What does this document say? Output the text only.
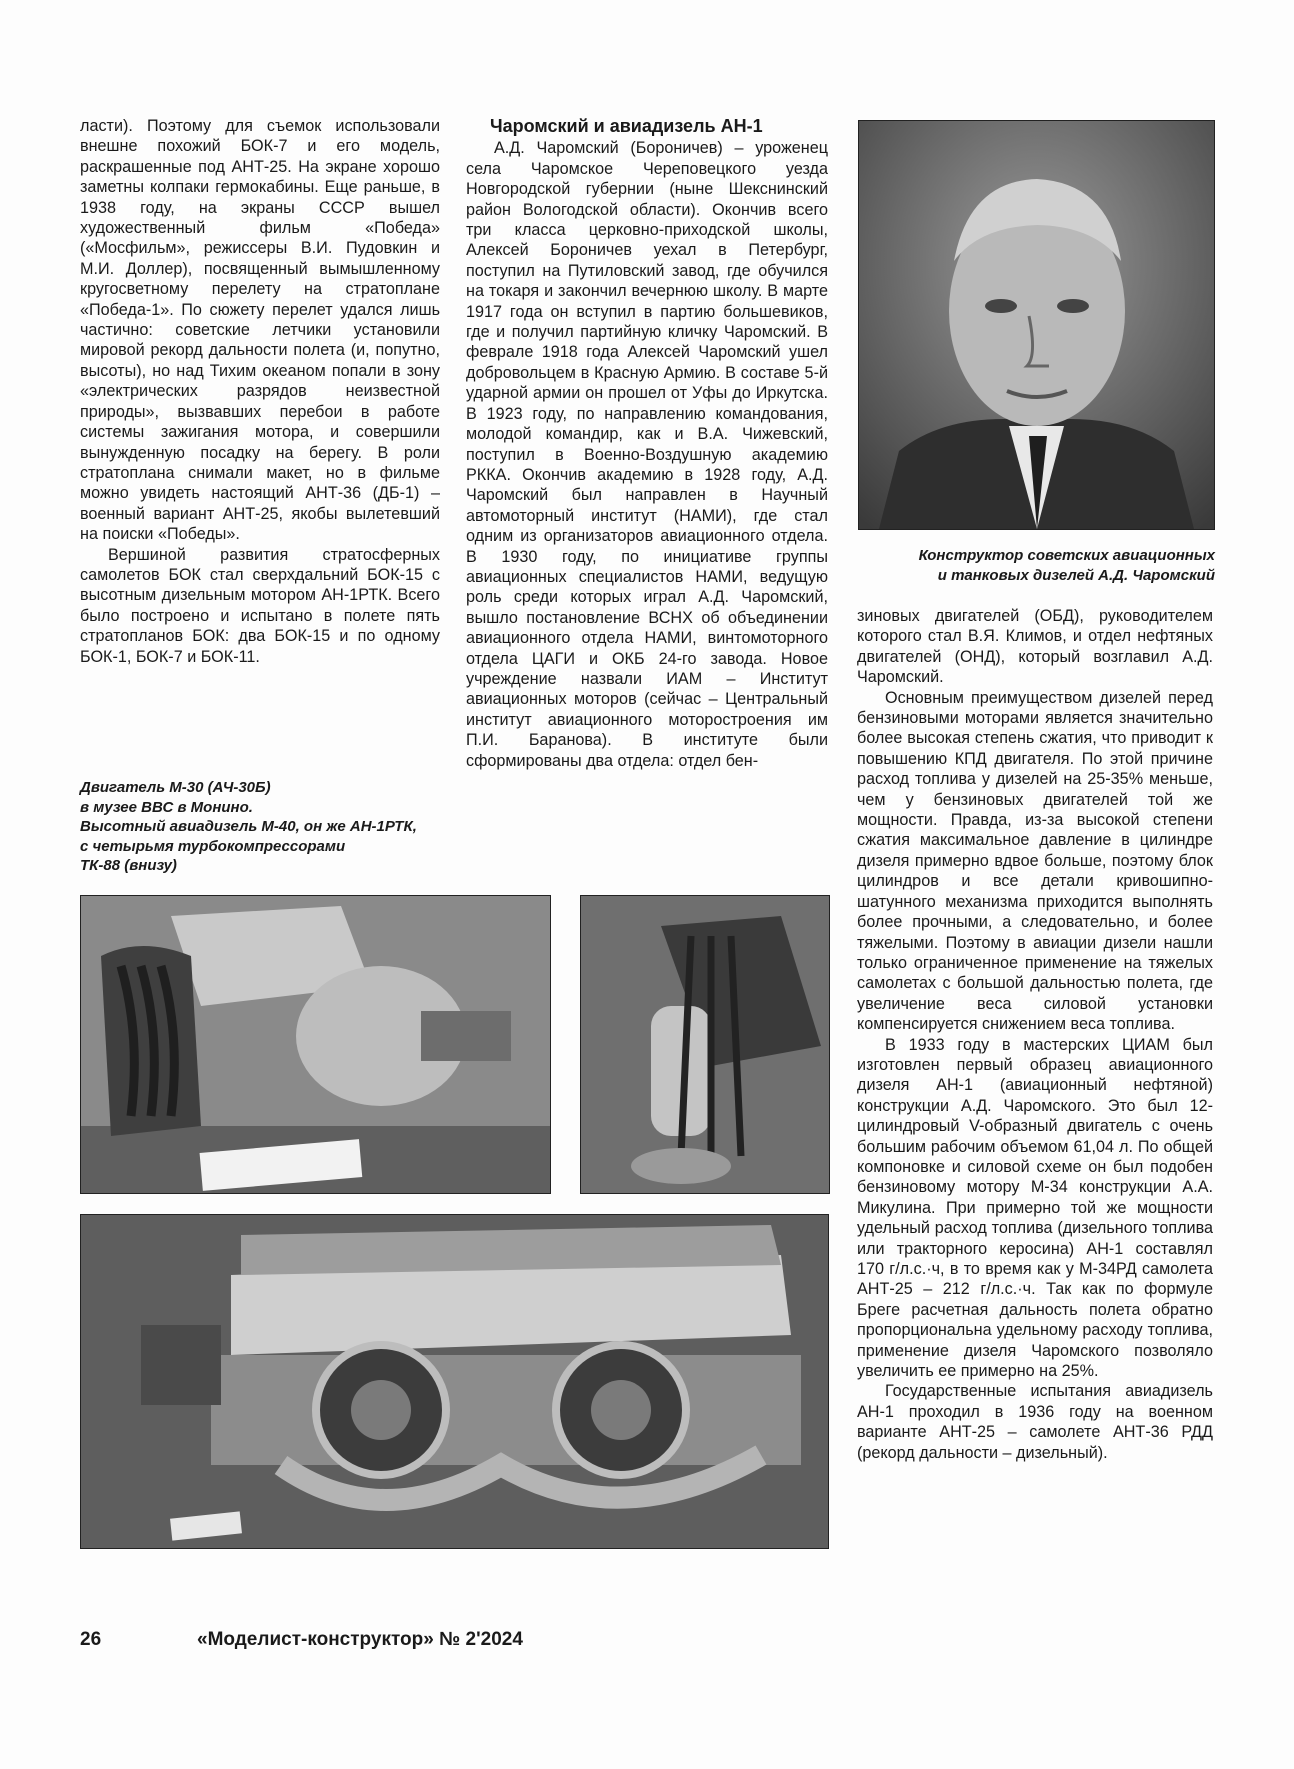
ласти). Поэтому для съемок использовали внешне похожий БОК-7 и его модель, раскрашенные под АНТ-25. На экране хорошо заметны колпаки гермокабины. Еще раньше, в 1938 году, на экраны СССР вышел художественный фильм «Победа» («Мосфильм», режиссеры В.И. Пудовкин и М.И. Доллер), посвященный вымышленному кругосветному перелету на стратоплане «Победа-1». По сюжету перелет удался лишь частично: советские летчики установили мировой рекорд дальности полета (и, попутно, высоты), но над Тихим океаном попали в зону «электрических разрядов неизвестной природы», вызвавших перебои в работе системы зажигания мотора, и совершили вынужденную посадку на берегу. В роли стратоплана снимали макет, но в фильме можно увидеть настоящий АНТ-36 (ДБ-1) – военный вариант АНТ-25, якобы вылетевший на поиски «Победы».

Вершиной развития стратосферных самолетов БОК стал сверхдальний БОК-15 с высотным дизельным мотором АН-1РТК. Всего было построено и испытано в полете пять стратопланов БОК: два БОК-15 и по одному БОК-1, БОК-7 и БОК-11.

Двигатель М-30 (АЧ-30Б)
в музее ВВС в Монино.
Высотный авиадизель М-40, он же АН-1РТК,
с четырьмя турбокомпрессорами
ТК-88 (внизу)
Чаромский и авиадизель АН-1

А.Д. Чаромский (Бороничев) – уроженец села Чаромское Череповецкого уезда Новгородской губернии (ныне Шекснинский район Вологодской области). Окончив всего три класса церковно-приходской школы, Алексей Бороничев уехал в Петербург, поступил на Путиловский завод, где обучился на токаря и закончил вечернюю школу. В марте 1917 года он вступил в партию большевиков, где и получил партийную кличку Чаромский. В феврале 1918 года Алексей Чаромский ушел добровольцем в Красную Армию. В составе 5-й ударной армии он прошел от Уфы до Иркутска. В 1923 году, по направлению командования, молодой командир, как и В.А. Чижевский, поступил в Военно-Воздушную академию РККА. Окончив академию в 1928 году, А.Д. Чаромский был направлен в Научный автомоторный институт (НАМИ), где стал одним из организаторов авиационного отдела. В 1930 году, по инициативе группы авиационных специалистов НАМИ, ведущую роль среди которых играл А.Д. Чаромский, вышло постановление ВСНХ об объединении авиационного отдела НАМИ, винтомоторного отдела ЦАГИ и ОКБ 24-го завода. Новое учреждение назвали ИАМ – Институт авиационных моторов (сейчас – Центральный институт авиационного моторостроения им П.И. Баранова). В институте были сформированы два отдела: отдел бен-

Конструктор советских авиационных
и танковых дизелей А.Д. Чаромский

зиновых двигателей (ОБД), руководителем которого стал В.Я. Климов, и отдел нефтяных двигателей (ОНД), который возглавил А.Д. Чаромский.

Основным преимуществом дизелей перед бензиновыми моторами является значительно более высокая степень сжатия, что приводит к повышению КПД двигателя. По этой причине расход топлива у дизелей на 25-35% меньше, чем у бензиновых двигателей той же мощности. Правда, из-за высокой степени сжатия максимальное давление в цилиндре дизеля примерно вдвое больше, поэтому блок цилиндров и все детали кривошипно-шатунного механизма приходится выполнять более прочными, а следовательно, и более тяжелыми. Поэтому в авиации дизели нашли только ограниченное применение на тяжелых самолетах с большой дальностью полета, где увеличение веса силовой установки компенсируется снижением веса топлива.

В 1933 году в мастерских ЦИАМ был изготовлен первый образец авиационного дизеля АН-1 (авиационный нефтяной) конструкции А.Д. Чаромского. Это был 12-цилиндровый V-образный двигатель с очень большим рабочим объемом 61,04 л. По общей компоновке и силовой схеме он был подобен бензиновому мотору М-34 конструкции А.А. Микулина. При примерно той же мощности удельный расход топлива (дизельного топлива или тракторного керосина) АН-1 составлял 170 г/л.с.·ч, в то время как у М-34РД самолета АНТ-25 – 212 г/л.с.·ч. Так как по формуле Бреге расчетная дальность полета обратно пропорциональна удельному расходу топлива, применение дизеля Чаромского позволяло увеличить ее примерно на 25%.

Государственные испытания авиадизель АН-1 проходил в 1936 году на военном варианте АНТ-25 – самолете АНТ-36 РДД (рекорд дальности – дизельный).

26	«Моделист-конструктор» № 2'2024
